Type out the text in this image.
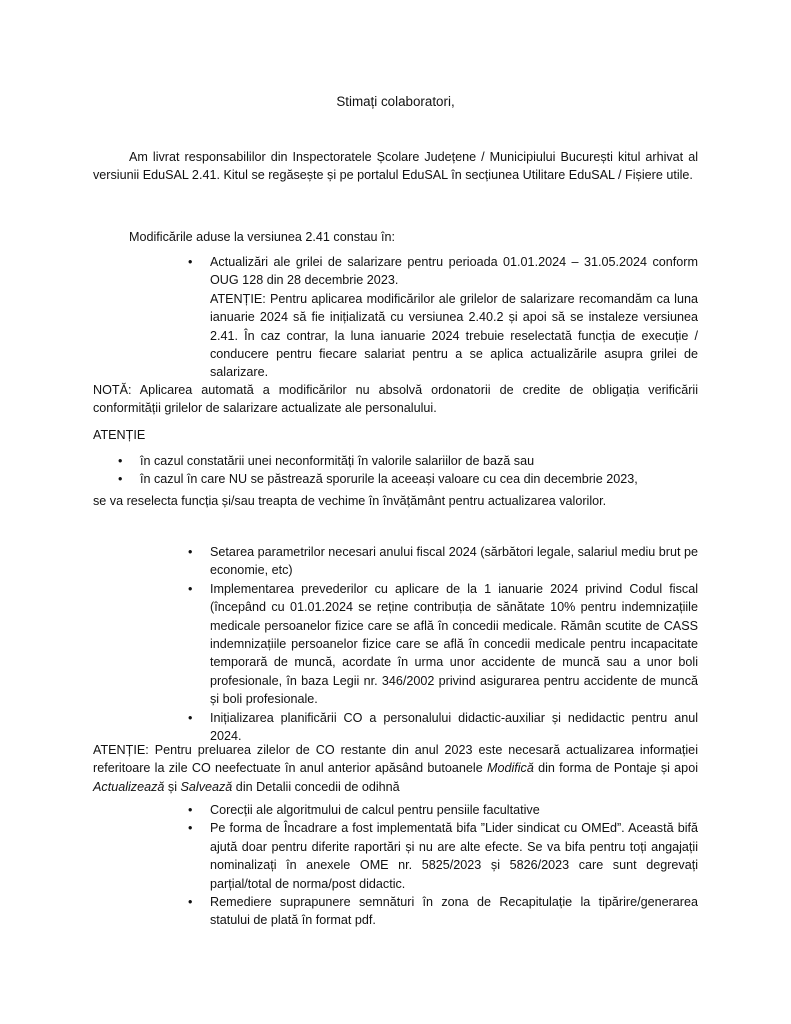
Stimați colaboratori,

Am livrat responsabililor din Inspectoratele Școlare Județene / Municipiului București kitul arhivat al versiunii EduSAL 2.41. Kitul se regăsește și pe portalul EduSAL în secțiunea Utilitare EduSAL / Fișiere utile.

Modificările aduse la versiunea 2.41 constau în:

• Actualizări ale grilei de salarizare pentru perioada 01.01.2024 – 31.05.2024 conform OUG 128 din 28 decembrie 2023.

ATENȚIE: Pentru aplicarea modificărilor ale grilelor de salarizare recomandăm ca luna ianuarie 2024 să fie inițializată cu versiunea 2.40.2 și apoi să se instaleze versiunea 2.41. În caz contrar, la luna ianuarie 2024 trebuie reselectată funcția de execuție / conducere pentru fiecare salariat pentru a se aplica actualizările asupra grilei de salarizare.

NOTĂ: Aplicarea automată a modificărilor nu absolvă ordonatorii de credite de obligația verificării conformității grilelor de salarizare actualizate ale personalului.

ATENȚIE

• în cazul constatării unei neconformități în valorile salariilor de bază sau

• în cazul în care NU se păstrează sporurile la aceeași valoare cu cea din decembrie 2023,

se va reselecta funcția și/sau treapta de vechime în învățământ pentru actualizarea valorilor.

• Setarea parametrilor necesari anului fiscal 2024 (sărbători legale, salariul mediu brut pe economie, etc)

• Implementarea prevederilor cu aplicare de la 1 ianuarie 2024 privind Codul fiscal (începând cu 01.01.2024 se reține contribuția de sănătate 10% pentru indemnizațiile medicale persoanelor fizice care se află în concedii medicale. Rămân scutite de CASS indemnizațiile persoanelor fizice care se află în concedii medicale pentru incapacitate temporară de muncă, acordate în urma unor accidente de muncă sau a unor boli profesionale, în baza Legii nr. 346/2002 privind asigurarea pentru accidente de muncă și boli profesionale.

• Inițializarea planificării CO a personalului didactic-auxiliar și nedidactic pentru anul 2024.

ATENȚIE: Pentru preluarea zilelor de CO restante din anul 2023 este necesară actualizarea informației referitoare la zile CO neefectuate în anul anterior apăsând butoanele Modifică din forma de Pontaje și apoi Actualizează și Salvează din Detalii concedii de odihnă

• Corecții ale algoritmului de calcul pentru pensiile facultative

• Pe forma de Încadrare a fost implementată bifa ”Lider sindicat cu OMEd”. Această bifă ajută doar pentru diferite raportări și nu are alte efecte. Se va bifa pentru toți angajații nominalizați în anexele OME nr. 5825/2023 și 5826/2023 care sunt degrevați parțial/total de norma/post didactic.

• Remediere suprapunere semnături în zona de Recapitulație la tipărire/generarea statului de plată în format pdf.
